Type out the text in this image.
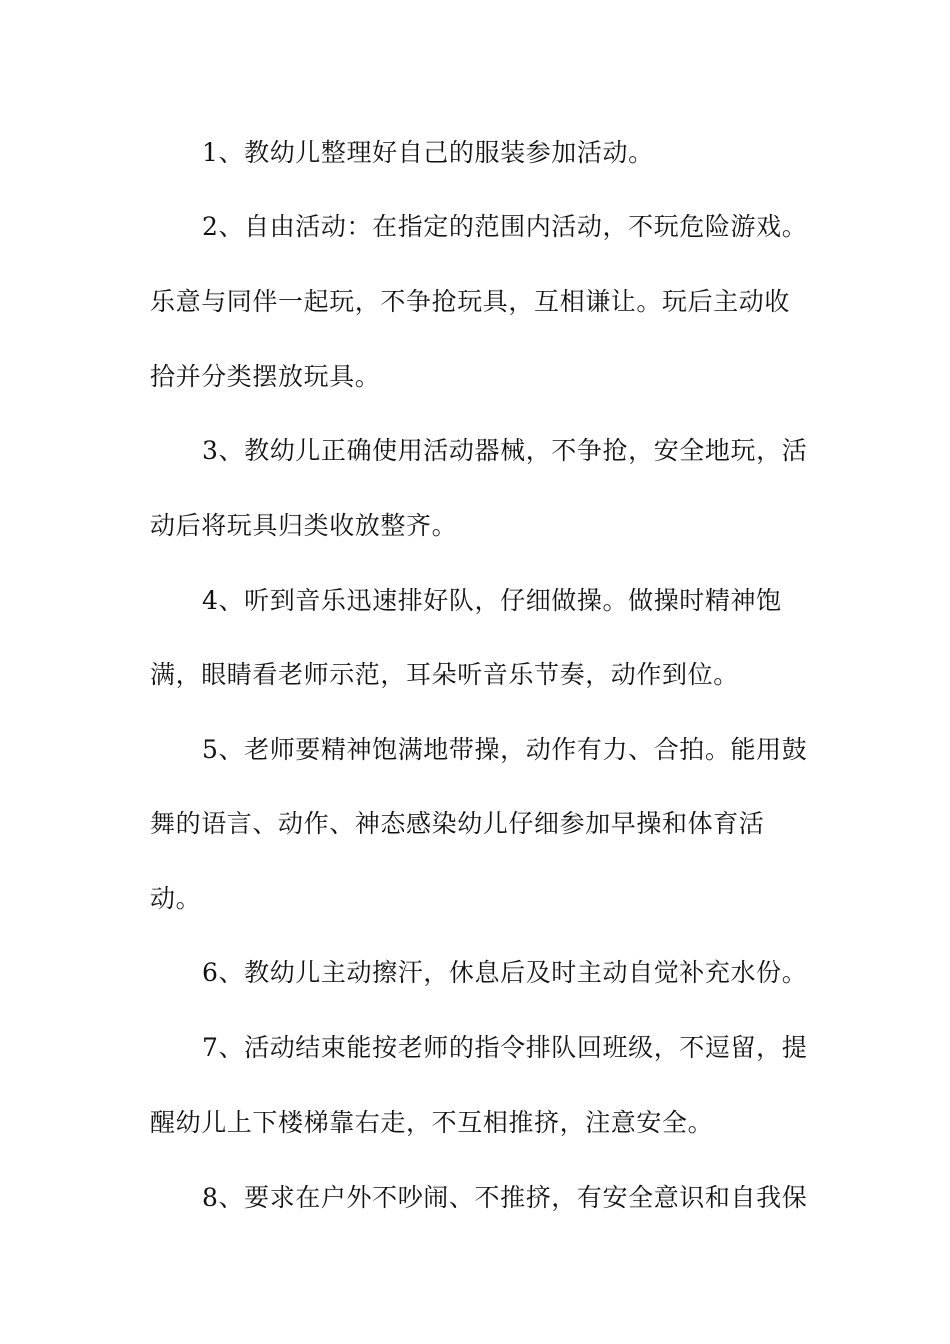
1、教幼儿整理好自己的服装参加活动。
2、自由活动：在指定的范围内活动，不玩危险游戏。
乐意与同伴一起玩，不争抢玩具，互相谦让。玩后主动收
拾并分类摆放玩具。
3、教幼儿正确使用活动器械，不争抢，安全地玩，活
动后将玩具归类收放整齐。
4、听到音乐迅速排好队，仔细做操。做操时精神饱
满，眼睛看老师示范，耳朵听音乐节奏，动作到位。
5、老师要精神饱满地带操，动作有力、合拍。能用鼓
舞的语言、动作、神态感染幼儿仔细参加早操和体育活
动。
6、教幼儿主动擦汗，休息后及时主动自觉补充水份。
7、活动结束能按老师的指令排队回班级，不逗留，提
醒幼儿上下楼梯靠右走，不互相推挤，注意安全。
8、要求在户外不吵闹、不推挤，有安全意识和自我保
